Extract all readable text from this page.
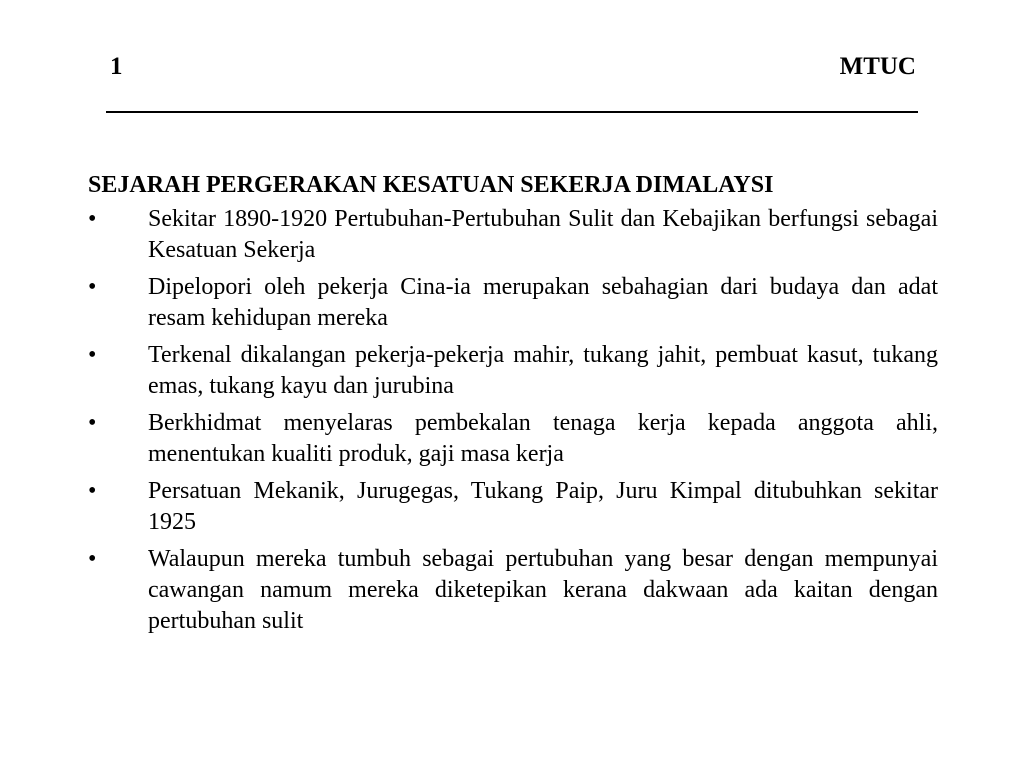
1	MTUC
SEJARAH PERGERAKAN KESATUAN SEKERJA DIMALAYSI
•	Sekitar 1890-1920 Pertubuhan-Pertubuhan Sulit dan Kebajikan berfungsi sebagai Kesatuan Sekerja
•	Dipelopori oleh pekerja Cina-ia merupakan sebahagian dari budaya dan adat resam kehidupan mereka
•	Terkenal dikalangan pekerja-pekerja mahir, tukang jahit, pembuat kasut, tukang emas, tukang kayu dan jurubina
•	Berkhidmat menyelaras pembekalan tenaga kerja kepada anggota ahli, menentukan kualiti produk, gaji masa kerja
•	Persatuan Mekanik, Jurugegas, Tukang Paip, Juru Kimpal ditubuhkan sekitar 1925
•	Walaupun mereka tumbuh sebagai pertubuhan yang besar dengan mempunyai cawangan namum mereka diketepikan kerana dakwaan ada kaitan dengan pertubuhan sulit
